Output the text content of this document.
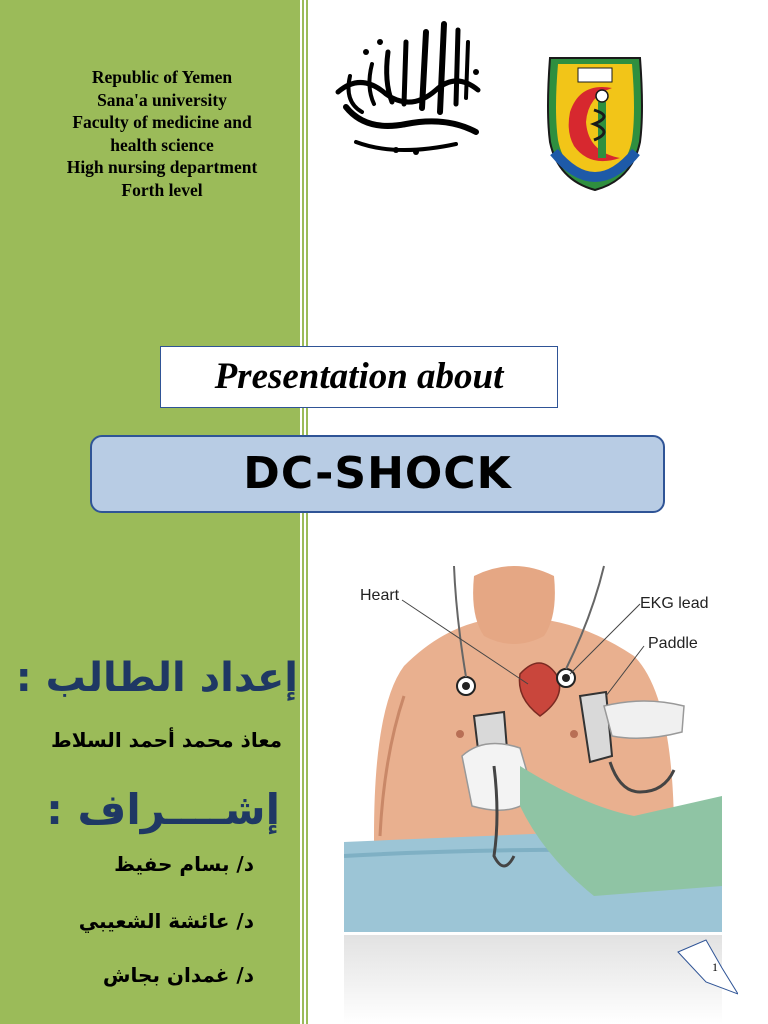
Republic of Yemen
Sana'a university
Faculty of medicine and
health science
High nursing department
Forth level
Presentation about
DC-SHOCK
إعداد الطالب :
معاذ محمد أحمد السلاط
إشــــراف :
د/ بسام حفيظ
د/ عائشة الشعيبي
د/ غمدان بجاش
Heart	EKG lead
Paddle
1
